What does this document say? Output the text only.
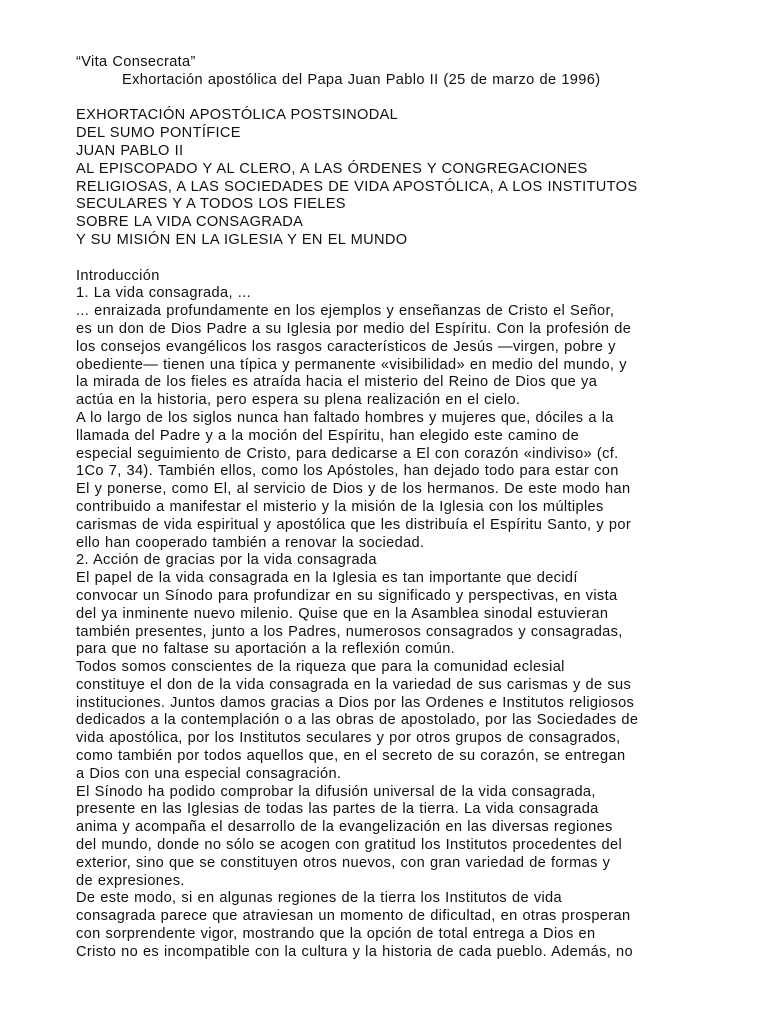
“Vita Consecrata”
Exhortación apostólica del Papa Juan Pablo II (25 de marzo de 1996)
EXHORTACIÓN APOSTÓLICA POSTSINODAL
DEL SUMO PONTÍFICE
JUAN PABLO II
AL EPISCOPADO Y AL CLERO, A LAS ÓRDENES Y CONGREGACIONES
RELIGIOSAS, A LAS SOCIEDADES DE VIDA APOSTÓLICA, A LOS INSTITUTOS
SECULARES Y A TODOS LOS FIELES
SOBRE LA VIDA CONSAGRADA
Y SU MISIÓN EN LA IGLESIA Y EN EL MUNDO
Introducción
1. La vida consagrada, ...
... enraizada profundamente en los ejemplos y enseñanzas de Cristo el Señor,
es un don de Dios Padre a su Iglesia por medio del Espíritu. Con la profesión de
los consejos evangélicos los rasgos característicos de Jesús —virgen, pobre y
obediente— tienen una típica y permanente «visibilidad» en medio del mundo, y
la mirada de los fieles es atraída hacia el misterio del Reino de Dios que ya
actúa en la historia, pero espera su plena realización en el cielo.
A lo largo de los siglos nunca han faltado hombres y mujeres que, dóciles a la
llamada del Padre y a la moción del Espíritu, han elegido este camino de
especial seguimiento de Cristo, para dedicarse a El con corazón «indiviso» (cf.
1Co 7, 34). También ellos, como los Apóstoles, han dejado todo para estar con
El y ponerse, como El, al servicio de Dios y de los hermanos. De este modo han
contribuido a manifestar el misterio y la misión de la Iglesia con los múltiples
carismas de vida espiritual y apostólica que les distribuía el Espíritu Santo, y por
ello han cooperado también a renovar la sociedad.
2. Acción de gracias por la vida consagrada
El papel de la vida consagrada en la Iglesia es tan importante que decidí
convocar un Sínodo para profundizar en su significado y perspectivas, en vista
del ya inminente nuevo milenio. Quise que en la Asamblea sinodal estuvieran
también presentes, junto a los Padres, numerosos consagrados y consagradas,
para que no faltase su aportación a la reflexión común.
Todos somos conscientes de la riqueza que para la comunidad eclesial
constituye el don de la vida consagrada en la variedad de sus carismas y de sus
instituciones. Juntos damos gracias a Dios por las Ordenes e Institutos religiosos
dedicados a la contemplación o a las obras de apostolado, por las Sociedades de
vida apostólica, por los Institutos seculares y por otros grupos de consagrados,
como también por todos aquellos que, en el secreto de su corazón, se entregan
a Dios con una especial consagración.
El Sínodo ha podido comprobar la difusión universal de la vida consagrada,
presente en las Iglesias de todas las partes de la tierra. La vida consagrada
anima y acompaña el desarrollo de la evangelización en las diversas regiones
del mundo, donde no sólo se acogen con gratitud los Institutos procedentes del
exterior, sino que se constituyen otros nuevos, con gran variedad de formas y
de expresiones.
De este modo, si en algunas regiones de la tierra los Institutos de vida
consagrada parece que atraviesan un momento de dificultad, en otras prosperan
con sorprendente vigor, mostrando que la opción de total entrega a Dios en
Cristo no es incompatible con la cultura y la historia de cada pueblo. Además, no
